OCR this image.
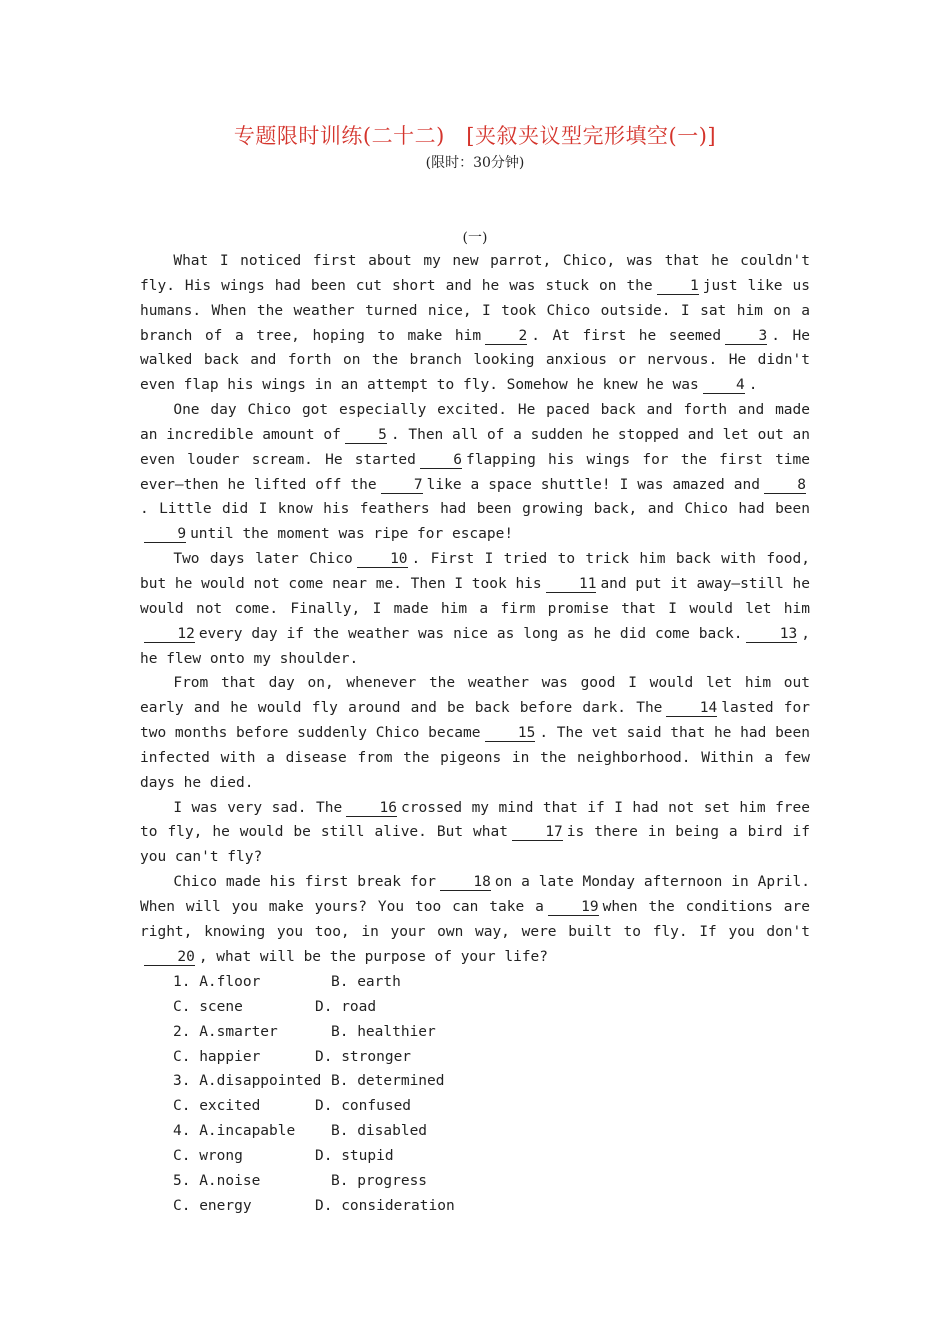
专题限时训练(二十二)　[夹叙夹议型完形填空(一)]
(限时：30分钟)
(一)

What I noticed first about my new parrot, Chico, was that he couldn't fly. His wings had been cut short and he was stuck on the	1 just like us humans. When the weather turned nice, I took Chico outside. I sat him on a branch of a tree, hoping to make him	2 . At first he seemed	3 . He walked back and forth on the branch looking anxious or nervous. He didn't even flap his wings in an attempt to fly. Somehow he knew he was	4 .

One day Chico got especially excited. He paced back and forth and made an incredible amount of	5 . Then all of a sudden he stopped and let out an even louder scream. He started	6 flapping his wings for the first time ever—then he lifted off the	7 like a space shuttle! I was amazed and	8. Little did I know his feathers had been growing back, and Chico had been9 until the moment was ripe for escape!

Two days later Chico	10 . First I tried to trick him back with food, but he would not come near me. Then I took his	11 and put it away—still he would not come. Finally, I made him a firm promise that I would let him12 every day if the weather was nice as long as he did come back.	13 , he flew onto my shoulder.

From that day on, whenever the weather was good I would let him out early and he would fly around and be back before dark. The	14 lasted for two months before suddenly Chico became	15 . The vet said that he had been infected with a disease from the pigeons in the neighborhood. Within a few days he died.

I was very sad. The	16 crossed my mind that if I had not set him free to fly, he would be still alive. But what	17 is there in being a bird if you can't fly?

Chico made his first break for	18 on a late Monday afternoon in April. When will you make yours? You too can take a	19 when the conditions are right, knowing you too, in your own way, were built to fly. If you don't20 , what will be the purpose of your life?

1. A.floor	B. earth
C. scene	D. road
2. A.smarter	B. healthier
C. happier	D. stronger
3. A.disappointed B. determined
C. excited	D. confused
4. A.incapable	B. disabled
C. wrong	D. stupid
5. A.noise	B. progress
C. energy	D. consideration
